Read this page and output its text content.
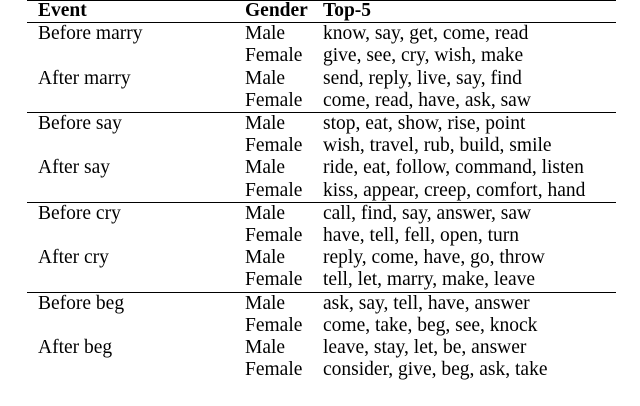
Event	Gender	Top-5
Before marry	Male	know, say, get, come, read
	Female	give, see, cry, wish, make
After marry	Male	send, reply, live, say, find
	Female	come, read, have, ask, saw
Before say	Male	stop, eat, show, rise, point
	Female	wish, travel, rub, build, smile
After say	Male	ride, eat, follow, command, listen
	Female	kiss, appear, creep, comfort, hand
Before cry	Male	call, find, say, answer, saw
	Female	have, tell, fell, open, turn
After cry	Male	reply, come, have, go, throw
	Female	tell, let, marry, make, leave
Before beg	Male	ask, say, tell, have, answer
	Female	come, take, beg, see, knock
After beg	Male	leave, stay, let, be, answer
	Female	consider, give, beg, ask, take
